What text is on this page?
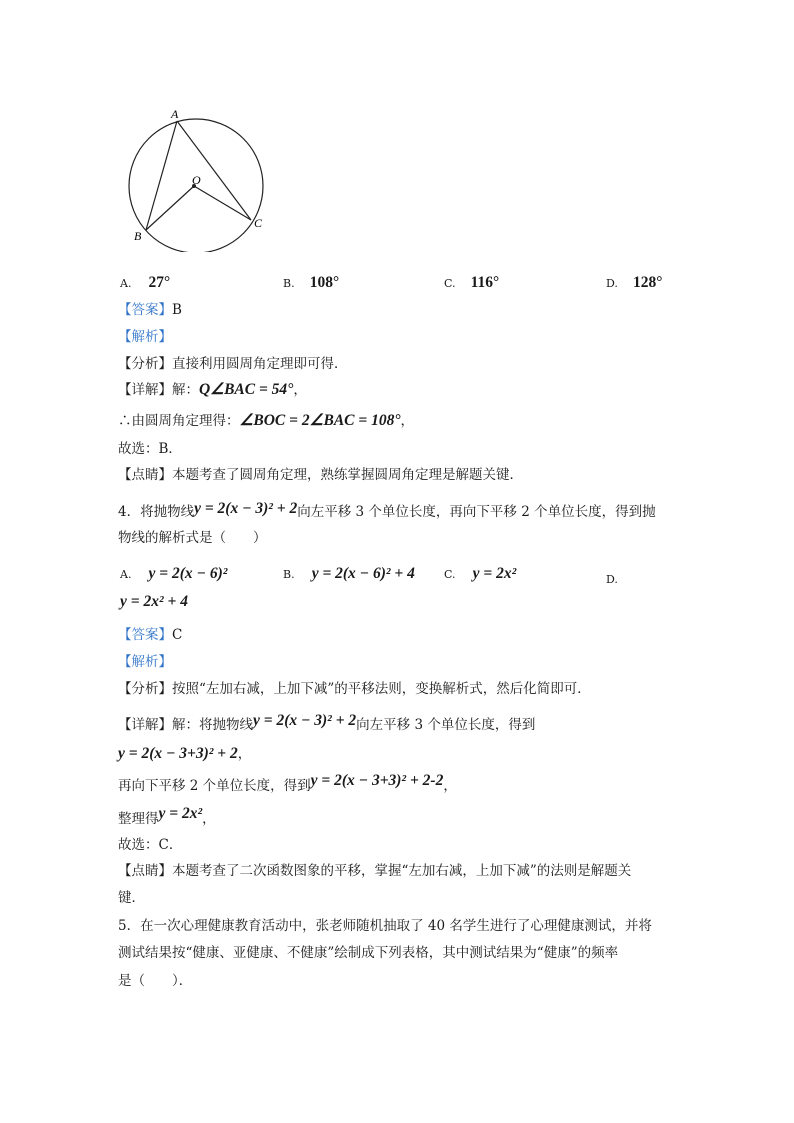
A
O
B
C
A. 27°	B. 108°	C. 116°	D. 128°
【答案】B
【解析】
【分析】直接利用圆周角定理即可得．
【详解】解：Q∠BAC = 54°，
∴由圆周角定理得：∠BOC = 2∠BAC = 108°，
故选：B．
【点睛】本题考查了圆周角定理，熟练掌握圆周角定理是解题关键．
4．将抛物线y = 2(x − 3)² + 2向左平移 3 个单位长度，再向下平移 2 个单位长度，得到抛
物线的解析式是（　　）
A. y = 2(x − 6)²	B. y = 2(x − 6)² + 4	C. y = 2x²	D.
y = 2x² + 4
【答案】C
【解析】
【分析】按照“左加右减，上加下减”的平移法则，变换解析式，然后化简即可．
【详解】解：将抛物线y = 2(x − 3)² + 2向左平移 3 个单位长度，得到
y = 2(x − 3+3)² + 2，
再向下平移 2 个单位长度，得到y = 2(x − 3+3)² + 2-2，
整理得y = 2x²，
故选：C．
【点睛】本题考查了二次函数图象的平移，掌握“左加右减，上加下减”的法则是解题关
键．
5．在一次心理健康教育活动中，张老师随机抽取了 40 名学生进行了心理健康测试，并将
测试结果按“健康、亚健康、不健康”绘制成下列表格，其中测试结果为“健康”的频率
是（　　）．
